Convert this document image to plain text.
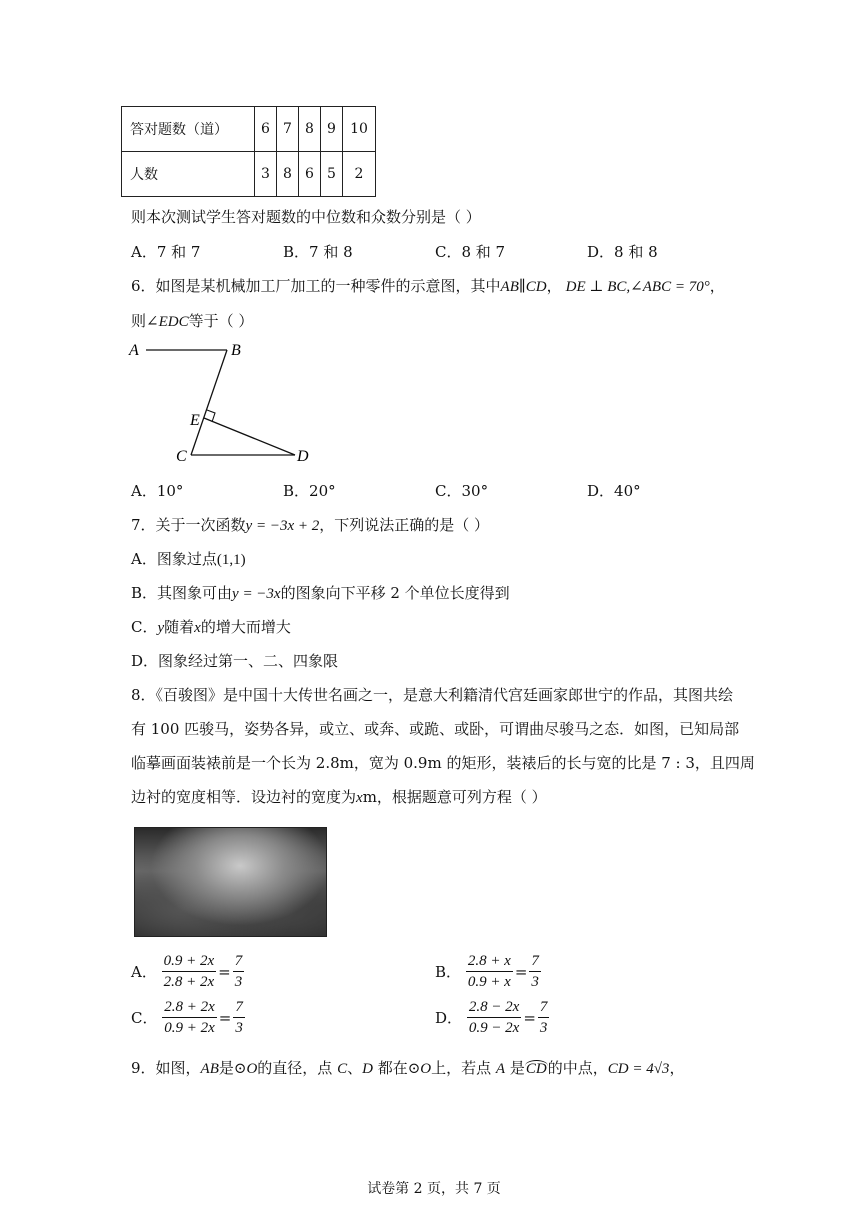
答对题数（道）	6	7	8	9	10
人数	3	8	6	5	2
则本次测试学生答对题数的中位数和众数分别是（ ）
A．7 和 7	B．7 和 8	C．8 和 7	D．8 和 8
6．如图是某机械加工厂加工的一种零件的示意图，其中AB∥CD， DE ⊥ BC,∠ABC = 70°，
则∠EDC等于（ ）
A	B
E
C	D
A．10°	B．20°	C．30°	D．40°
7．关于一次函数y = −3x + 2，下列说法正确的是（ ）
A．图象过点(1,1)
B．其图象可由y = −3x的图象向下平移 2 个单位长度得到
C．y随着x的增大而增大
D．图象经过第一、二、四象限
8．《百骏图》是中国十大传世名画之一，是意大利籍清代宫廷画家郎世宁的作品，其图共绘
有 100 匹骏马，姿势各异，或立、或奔、或跪、或卧，可谓曲尽骏马之态．如图，已知局部
临摹画面装裱前是一个长为 2.8m，宽为 0.9m 的矩形，装裱后的长与宽的比是 7 : 3，且四周
边衬的宽度相等．设边衬的宽度为xm，根据题意可列方程（ ）
A． $\frac{0.9 + 2x}{2.8 + 2x} = \frac{7}{3}$	B． $\frac{2.8 + x}{0.9 + x} = \frac{7}{3}$
C． $\frac{2.8 + 2x}{0.9 + 2x} = \frac{7}{3}$	D． $\frac{2.8 - 2x}{0.9 - 2x} = \frac{7}{3}$
9．如图，AB是⊙O的直径，点 C、D 都在⊙O上，若点 A 是CD的中点，CD = 4√3，
试卷第 2 页，共 7 页
